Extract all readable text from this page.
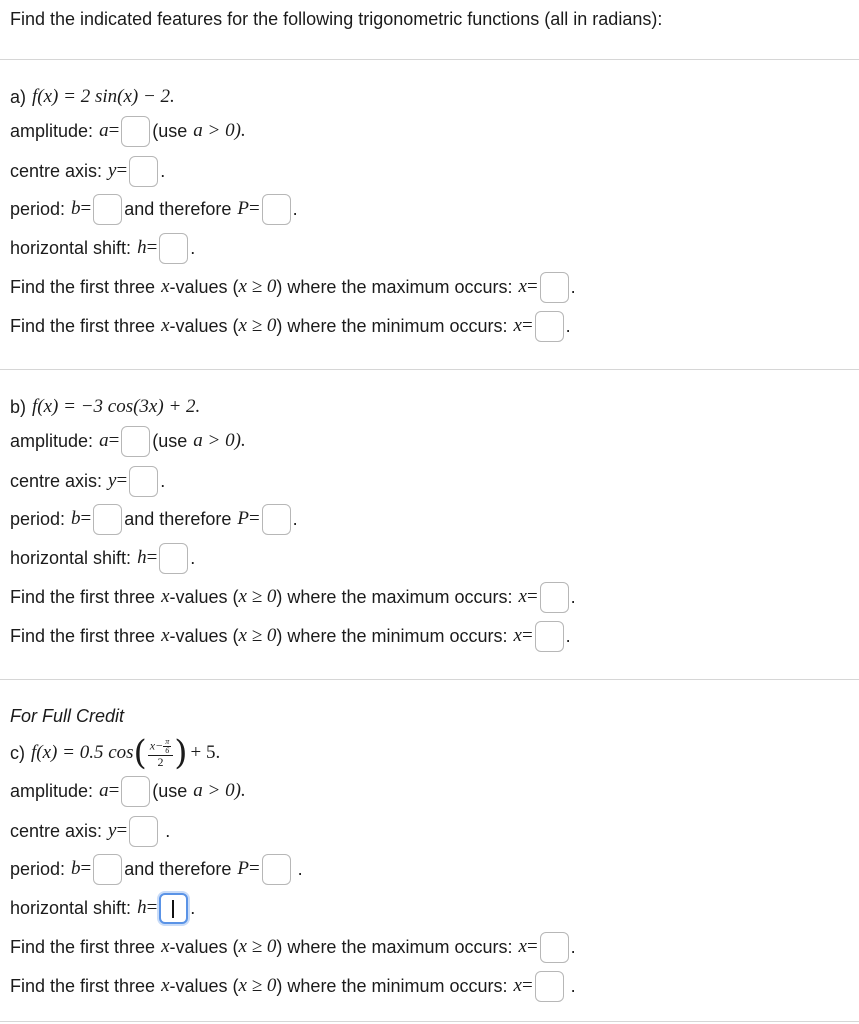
Find the indicated features for the following trigonometric functions (all in radians):
a) f(x) = 2 sin(x) − 2.
amplitude: a = (use a > 0).
centre axis: y = .
period: b = and therefore P = .
horizontal shift: h = .
Find the first three x -values ( x ≥ 0 ) where the maximum occurs: x = .
Find the first three x -values ( x ≥ 0 ) where the minimum occurs: x = .
b) f(x) = −3 cos(3x) + 2.
amplitude: a = (use a > 0).
centre axis: y = .
period: b = and therefore P = .
horizontal shift: h = .
Find the first three x -values ( x ≥ 0 ) where the maximum occurs: x = .
Find the first three x -values ( x ≥ 0 ) where the minimum occurs: x = .
For Full Credit
c) f(x) = 0.5 cos ( $\frac{x- \frac{\pi}{6}}{2}$ ) + 5.
amplitude: a = (use a > 0).
centre axis: y = .
period: b = and therefore P = .
horizontal shift: h = .
Find the first three x -values ( x ≥ 0 ) where the maximum occurs: x = .
Find the first three x -values ( x ≥ 0 ) where the minimum occurs: x = .
